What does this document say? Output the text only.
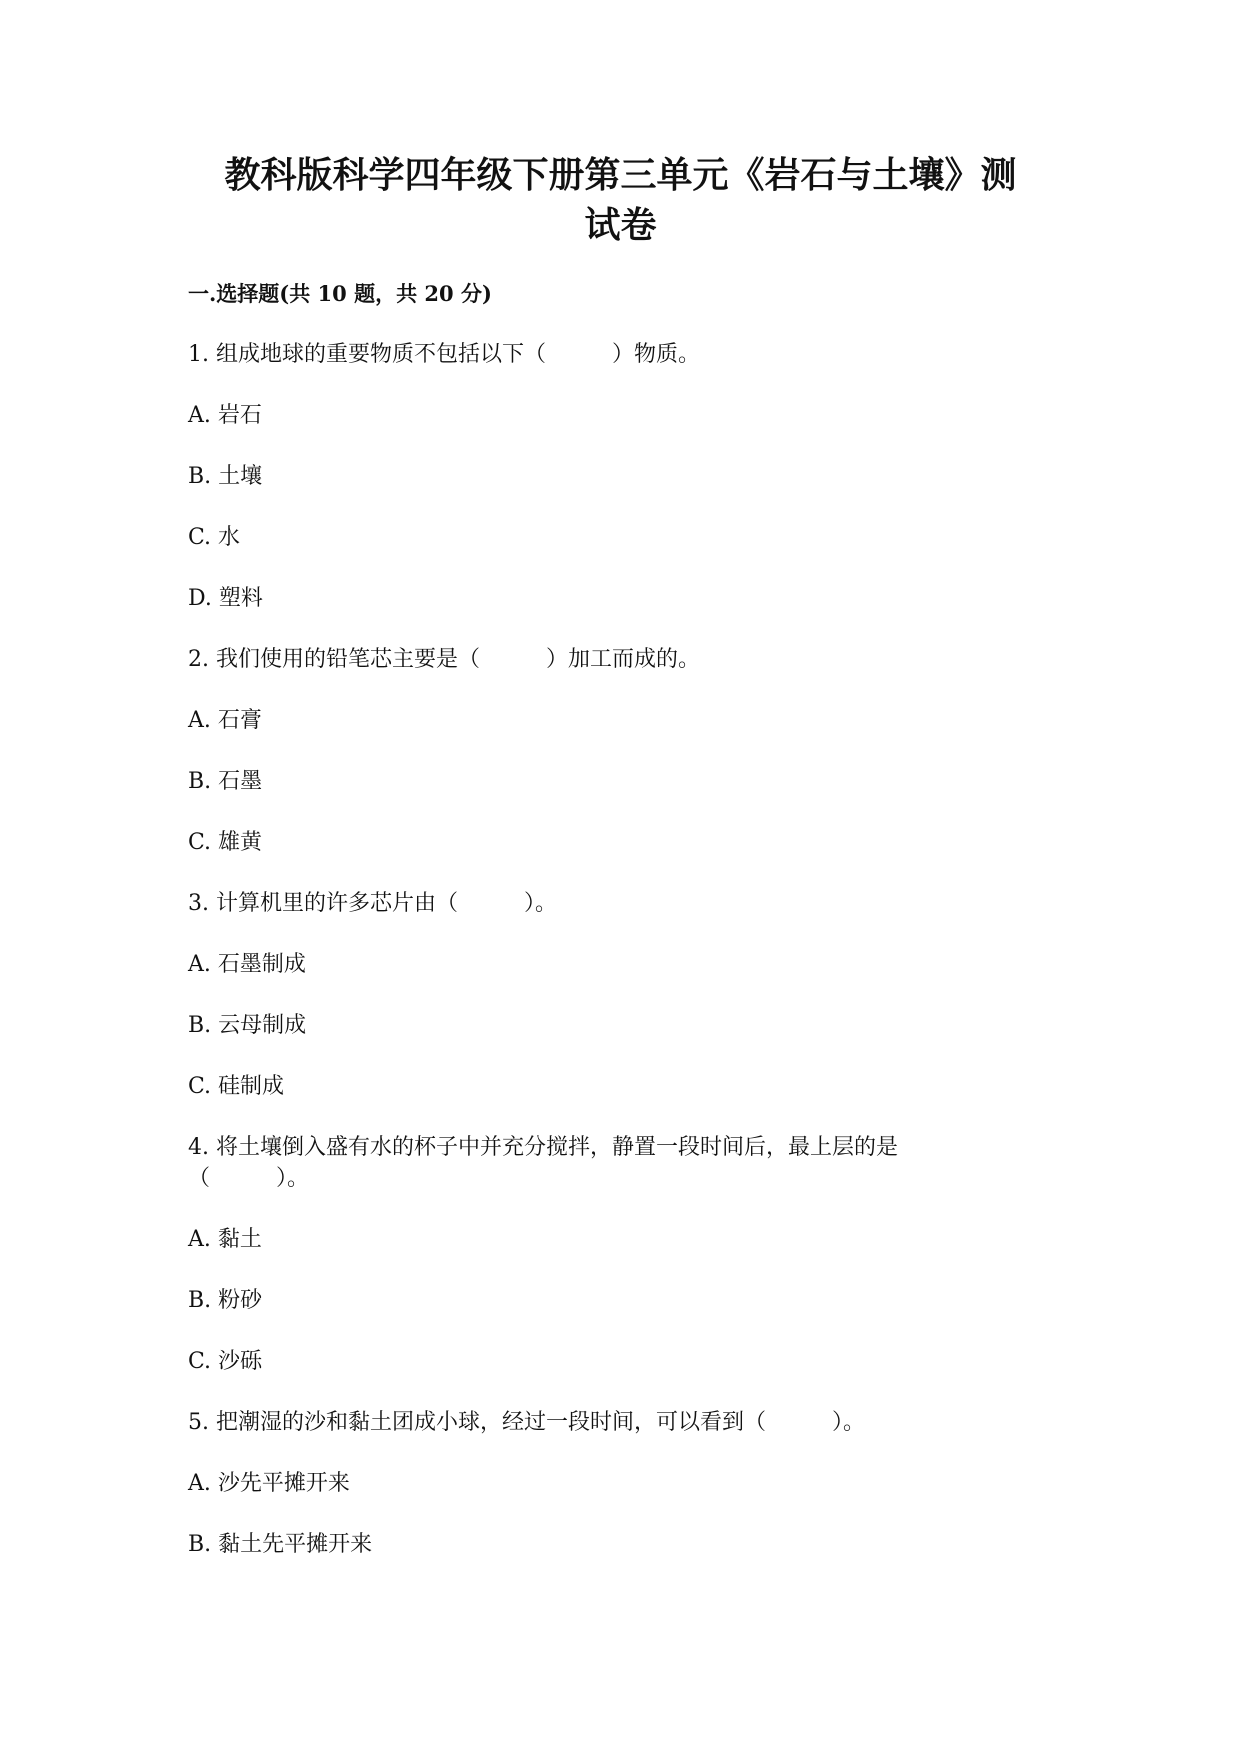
教科版科学四年级下册第三单元《岩石与土壤》测
试卷
一.选择题(共 10 题，共 20 分)

1. 组成地球的重要物质不包括以下（　　　）物质。

A. 岩石

B. 土壤

C. 水

D. 塑料

2. 我们使用的铅笔芯主要是（　　　）加工而成的。

A. 石膏

B. 石墨

C. 雄黄

3. 计算机里的许多芯片由（　　　）。

A. 石墨制成

B. 云母制成

C. 硅制成

4. 将土壤倒入盛有水的杯子中并充分搅拌，静置一段时间后，最上层的是

（　　　）。

A. 黏土

B. 粉砂

C. 沙砾

5. 把潮湿的沙和黏土团成小球，经过一段时间，可以看到（　　　）。

A. 沙先平摊开来

B. 黏土先平摊开来
